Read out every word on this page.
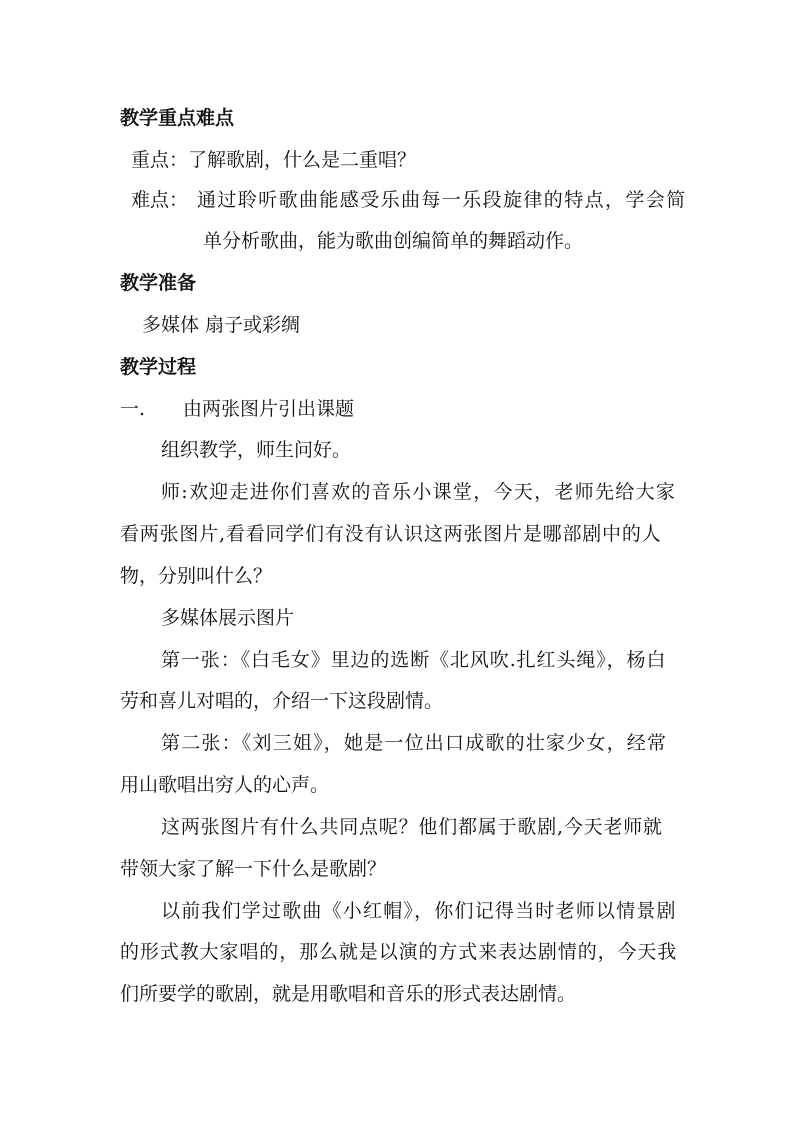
教学重点难点
重点：了解歌剧，什么是二重唱？
难点： 通过聆听歌曲能感受乐曲每一乐段旋律的特点，学会简
单分析歌曲，能为歌曲创编简单的舞蹈动作。
教学准备
多媒体 扇子或彩绸
教学过程
一. 由两张图片引出课题
组织教学，师生问好。
师:欢迎走进你们喜欢的音乐小课堂，今天，老师先给大家
看两张图片,看看同学们有没有认识这两张图片是哪部剧中的人
物，分别叫什么？
多媒体展示图片
第一张：《白毛女》里边的选断《北风吹.扎红头绳》，杨白
劳和喜儿对唱的，介绍一下这段剧情。
第二张：《刘三姐》，她是一位出口成歌的壮家少女，经常
用山歌唱出穷人的心声。
这两张图片有什么共同点呢？他们都属于歌剧,今天老师就
带领大家了解一下什么是歌剧？
以前我们学过歌曲《小红帽》，你们记得当时老师以情景剧
的形式教大家唱的，那么就是以演的方式来表达剧情的，今天我
们所要学的歌剧，就是用歌唱和音乐的形式表达剧情。
